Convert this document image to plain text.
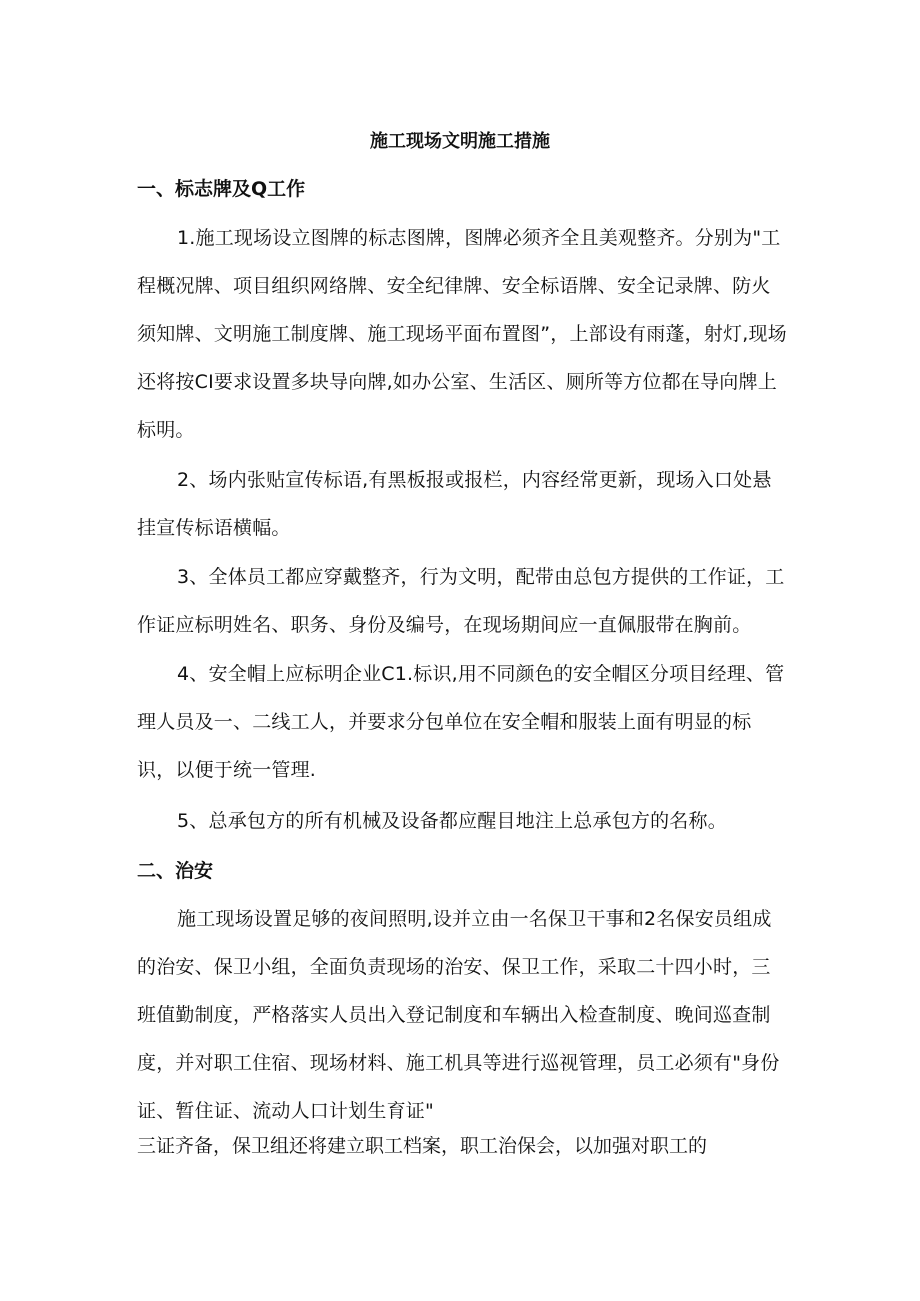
施工现场文明施工措施
一、标志牌及Q工作
1.施工现场设立图牌的标志图牌，图牌必须齐全且美观整齐。分别为"工程概况牌、项目组织网络牌、安全纪律牌、安全标语牌、安全记录牌、防火须知牌、文明施工制度牌、施工现场平面布置图”，上部设有雨蓬，射灯,现场还将按CI要求设置多块导向牌,如办公室、生活区、厕所等方位都在导向牌上标明。
2、场内张贴宣传标语,有黑板报或报栏，内容经常更新，现场入口处悬挂宣传标语横幅。
3、全体员工都应穿戴整齐，行为文明，配带由总包方提供的工作证，工作证应标明姓名、职务、身份及编号，在现场期间应一直佩服带在胸前。
4、安全帽上应标明企业C1.标识,用不同颜色的安全帽区分项目经理、管理人员及一、二线工人，并要求分包单位在安全帽和服装上面有明显的标识，以便于统一管理.
5、总承包方的所有机械及设备都应醒目地注上总承包方的名称。
二、治安
施工现场设置足够的夜间照明,设并立由一名保卫干事和2名保安员组成的治安、保卫小组，全面负责现场的治安、保卫工作，采取二十四小时，三班值勤制度，严格落实人员出入登记制度和车辆出入检查制度、晚间巡查制度，并对职工住宿、现场材料、施工机具等进行巡视管理，员工必须有"身份证、暂住证、流动人口计划生育证"
三证齐备，保卫组还将建立职工档案，职工治保会，以加强对职工的
